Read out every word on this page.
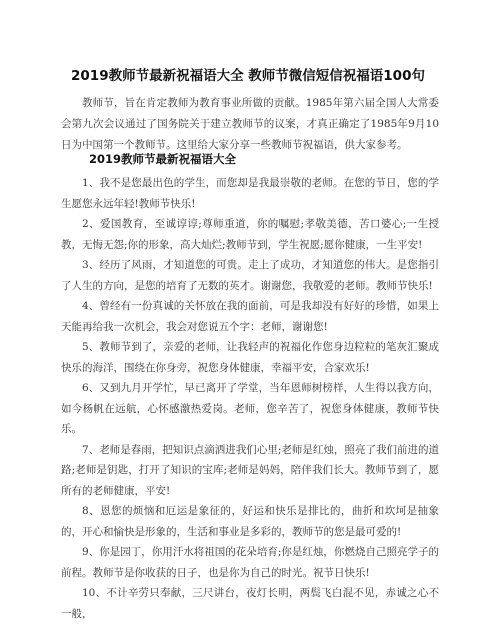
2019教师节最新祝福语大全 教师节微信短信祝福语100句

教师节，旨在肯定教师为教育事业所做的贡献。1985年第六届全国人大常委会第九次会议通过了国务院关于建立教师节的议案，才真正确定了1985年9月10日为中国第一个教师节。这里给大家分享一些教师节祝福语，供大家参考。

2019教师节最新祝福语大全
1、我不是您最出色的学生，而您却是我最崇敬的老师。在您的节日，您的学生愿您永远年轻!教师节快乐!
2、爱国教育，至诚谆谆;尊师重道，你的嘱慰;孝敬美德，苦口婆心;一生授教，无悔无怨;你的形象，高大灿烂;教师节到，学生祝愿;愿你健康，一生平安!
3、经历了风雨，才知道您的可贵。走上了成功，才知道您的伟大。是您指引了人生的方向，是您的培育了无数的英才。谢谢您，我敬爱的老师。教师节快乐!
4、曾经有一份真诚的关怀放在我的面前，可是我却没有好好的珍惜，如果上天能再给我一次机会，我会对您说五个字：老师，谢谢您!
5、教师节到了，亲爱的老师，让我轻声的祝福化作您身边粒粒的笔灰汇聚成快乐的海洋，围绕在你身旁，祝您身体健康，幸福平安，合家欢乐!
6、又到九月开学忙，早已离开了学堂，当年恩师树榜样，人生得以我方向，如今杨帆在远航，心怀感激热爱岗。老师，您辛苦了，祝您身体健康，教师节快乐。
7、老师是春雨，把知识点滴洒进我们心里;老师是红烛，照亮了我们前进的道路;老师是钥匙，打开了知识的宝库;老师是妈妈，陪伴我们长大。教师节到了，愿所有的老师健康，平安!
8、恩您的烦恼和厄运是象征的，好运和快乐是排比的，曲折和坎坷是抽象的，开心和愉快是形象的，生活和事业是多彩的，教师节的您是最可爱的!
9、你是园丁，你用汗水将祖国的花朵培育;你是红烛，你燃烧自己照亮学子的前程。教师节是你收获的日子，也是你为自己的时光。祝节日快乐!
10、不计辛劳只奉献，三尺讲台，夜灯长明，两鬓飞白混不见，赤诚之心不一般，
